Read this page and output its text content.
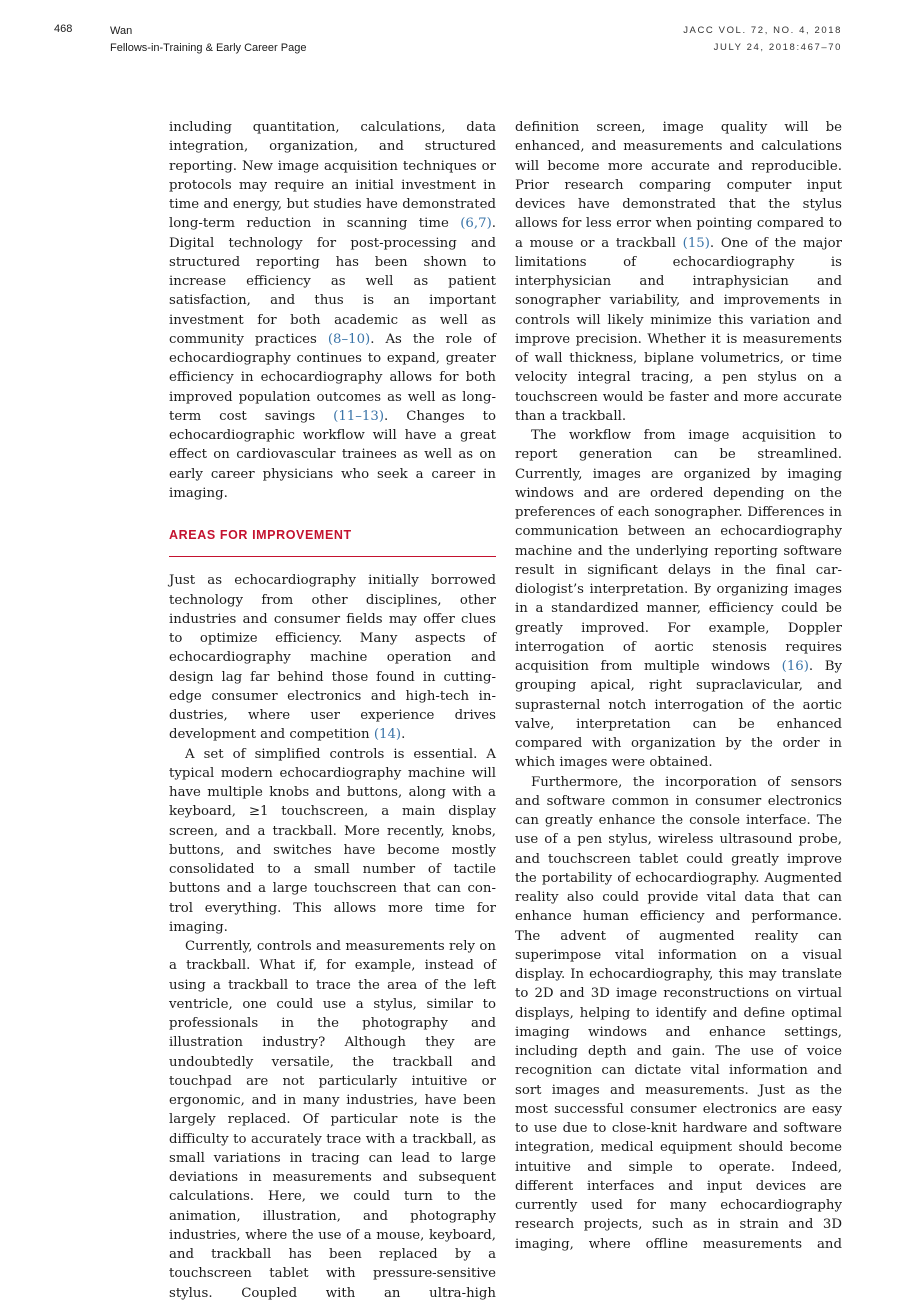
468	Wan
Fellows-in-Training & Early Career Page
JACC VOL. 72, NO. 4, 2018
JULY 24, 2018:467–70

including quantitation, calculations, data integration, organization, and structured reporting. New image acquisition techniques or protocols may require an initial investment in time and energy, but studies have demonstrated long-term reduction in scanning time (6,7). Digital technology for post-processing and structured reporting has been shown to increase efficiency as well as patient satisfaction, and thus is an important investment for both academic as well as community practices (8–10). As the role of echocardiography continues to expand, greater efficiency in echocardiography allows for both improved population outcomes as well as long-term cost savings (11–13). Changes to echocardiographic workflow will have a great effect on cardiovascular trainees as well as on early career physicians who seek a career in imaging.

AREAS FOR IMPROVEMENT

Just as echocardiography initially borrowed technology from other disciplines, other industries and consumer fields may offer clues to optimize efficiency. Many aspects of echocardiography machine operation and design lag far behind those found in cutting-edge consumer electronics and high-tech industries, where user experience drives development and competition (14).

A set of simplified controls is essential. A typical modern echocardiography machine will have multiple knobs and buttons, along with a keyboard, ≥1 touchscreen, a main display screen, and a trackball. More recently, knobs, buttons, and switches have become mostly consolidated to a small number of tactile buttons and a large touchscreen that can control everything. This allows more time for imaging.

Currently, controls and measurements rely on a trackball. What if, for example, instead of using a trackball to trace the area of the left ventricle, one could use a stylus, similar to professionals in the photography and illustration industry? Although they are undoubtedly versatile, the trackball and touchpad are not particularly intuitive or ergonomic, and in many industries, have been largely replaced. Of particular note is the difficulty to accurately trace with a trackball, as small variations in tracing can lead to large deviations in measurements and subsequent calculations. Here, we could turn to the animation, illustration, and photography industries, where the use of a mouse, keyboard, and trackball has been replaced by a touchscreen tablet with pressure-sensitive stylus. Coupled with an ultra-high

definition screen, image quality will be enhanced, and measurements and calculations will become more accurate and reproducible. Prior research comparing computer input devices have demonstrated that the stylus allows for less error when pointing compared to a mouse or a trackball (15). One of the major limitations of echocardiography is interphysician and intraphysician and sonographer variability, and improvements in controls will likely minimize this variation and improve precision. Whether it is measurements of wall thickness, biplane volumetrics, or time velocity integral tracing, a pen stylus on a touchscreen would be faster and more accurate than a trackball.

The workflow from image acquisition to report generation can be streamlined. Currently, images are organized by imaging windows and are ordered depending on the preferences of each sonographer. Differences in communication between an echocardiography machine and the underlying reporting software result in significant delays in the final cardiologist’s interpretation. By organizing images in a standardized manner, efficiency could be greatly improved. For example, Doppler interrogation of aortic stenosis requires acquisition from multiple windows (16). By grouping apical, right supraclavicular, and suprasternal notch interrogation of the aortic valve, interpretation can be enhanced compared with organization by the order in which images were obtained.

Furthermore, the incorporation of sensors and software common in consumer electronics can greatly enhance the console interface. The use of a pen stylus, wireless ultrasound probe, and touchscreen tablet could greatly improve the portability of echocardiography. Augmented reality also could provide vital data that can enhance human efficiency and performance. The advent of augmented reality can superimpose vital information on a visual display. In echocardiography, this may translate to 2D and 3D image reconstructions on virtual displays, helping to identify and define optimal imaging windows and enhance settings, including depth and gain. The use of voice recognition can dictate vital information and sort images and measurements. Just as the most successful consumer electronics are easy to use due to close-knit hardware and software integration, medical equipment should become intuitive and simple to operate. Indeed, different interfaces and input devices are currently used for many echocardiography research projects, such as in strain and 3D imaging, where offline measurements and
